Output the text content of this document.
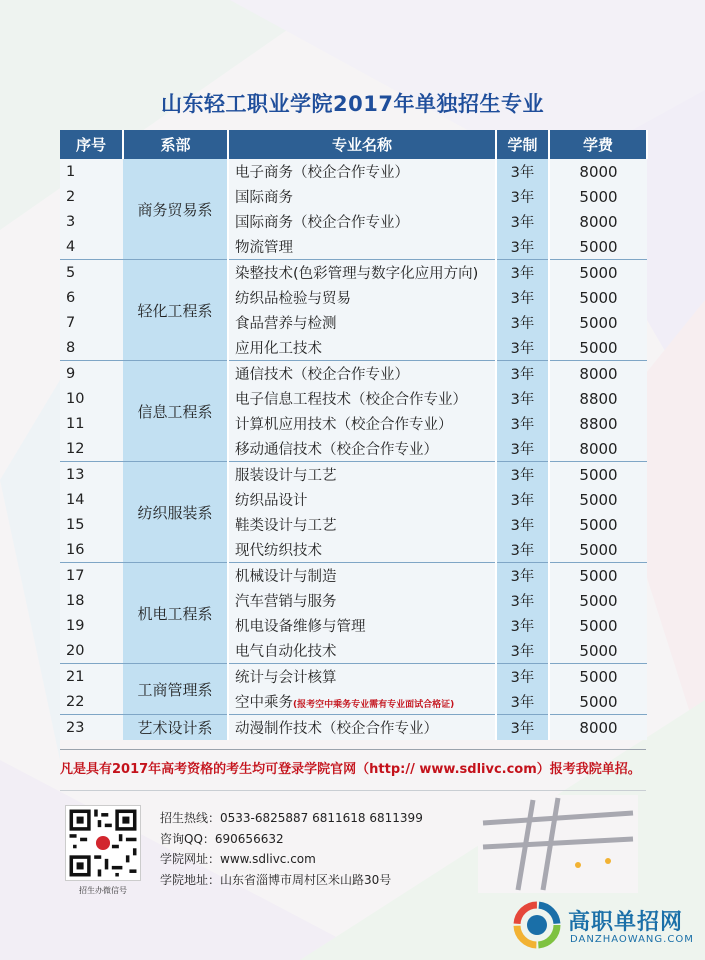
山东轻工职业学院2017年单独招生专业
序号	系部	专业名称	学制	学费
1	商务贸易系	电子商务（校企合作专业）	3年	8000
2		国际商务	3年	5000
3		国际商务（校企合作专业）	3年	8000
4		物流管理	3年	5000
5	轻化工程系	染整技术(色彩管理与数字化应用方向)	3年	5000
6		纺织品检验与贸易	3年	5000
7		食品营养与检测	3年	5000
8		应用化工技术	3年	5000
9	信息工程系	通信技术（校企合作专业）	3年	8000
10		电子信息工程技术（校企合作专业）	3年	8800
11		计算机应用技术（校企合作专业）	3年	8800
12		移动通信技术（校企合作专业）	3年	8000
13	纺织服装系	服装设计与工艺	3年	5000
14		纺织品设计	3年	5000
15		鞋类设计与工艺	3年	5000
16		现代纺织技术	3年	5000
17	机电工程系	机械设计与制造	3年	5000
18		汽车营销与服务	3年	5000
19		机电设备维修与管理	3年	5000
20		电气自动化技术	3年	5000
21	工商管理系	统计与会计核算	3年	5000
22		空中乘务(报考空中乘务专业需有专业面试合格证)	3年	5000
23	艺术设计系	动漫制作技术（校企合作专业）	3年	8000
凡是具有2017年高考资格的考生均可登录学院官网（http:// www.sdlivc.com）报考我院单招。
招生办微信号
招生热线：0533-6825887 6811618 6811399
咨询QQ：690656632
学院网址：www.sdlivc.com
学院地址：山东省淄博市周村区米山路30号
高职单招网
DANZHAOWANG.COM
